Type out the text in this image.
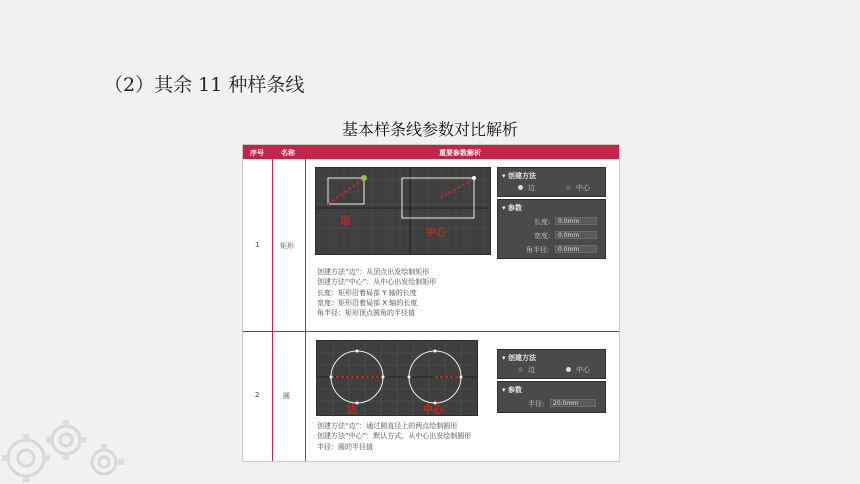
（2）其余 11 种样条线
基本样条线参数对比解析
序号 名称	重要参数解析
1	矩形
边
中心
▾ 创建方法
边	中心
▾ 参数
长度:	0.0mm
宽度:	0.0mm
角半径:	0.0mm
创建方法“边”：从顶点出发绘制矩形
创建方法“中心”：从中心出发绘制矩形
长度：矩形沿着局部 Y 轴的长度
宽度：矩形沿着局部 X 轴的长度
角半径：矩形顶点圆角的半径值
2	圆
边	中心
▾ 创建方法
边	中心
▾ 参数
半径:	20.0mm
创建方法“边”：通过圆直径上的两点绘制圆形
创建方法“中心”：默认方式，从中心出发绘制圆形
半径：圆的半径值
